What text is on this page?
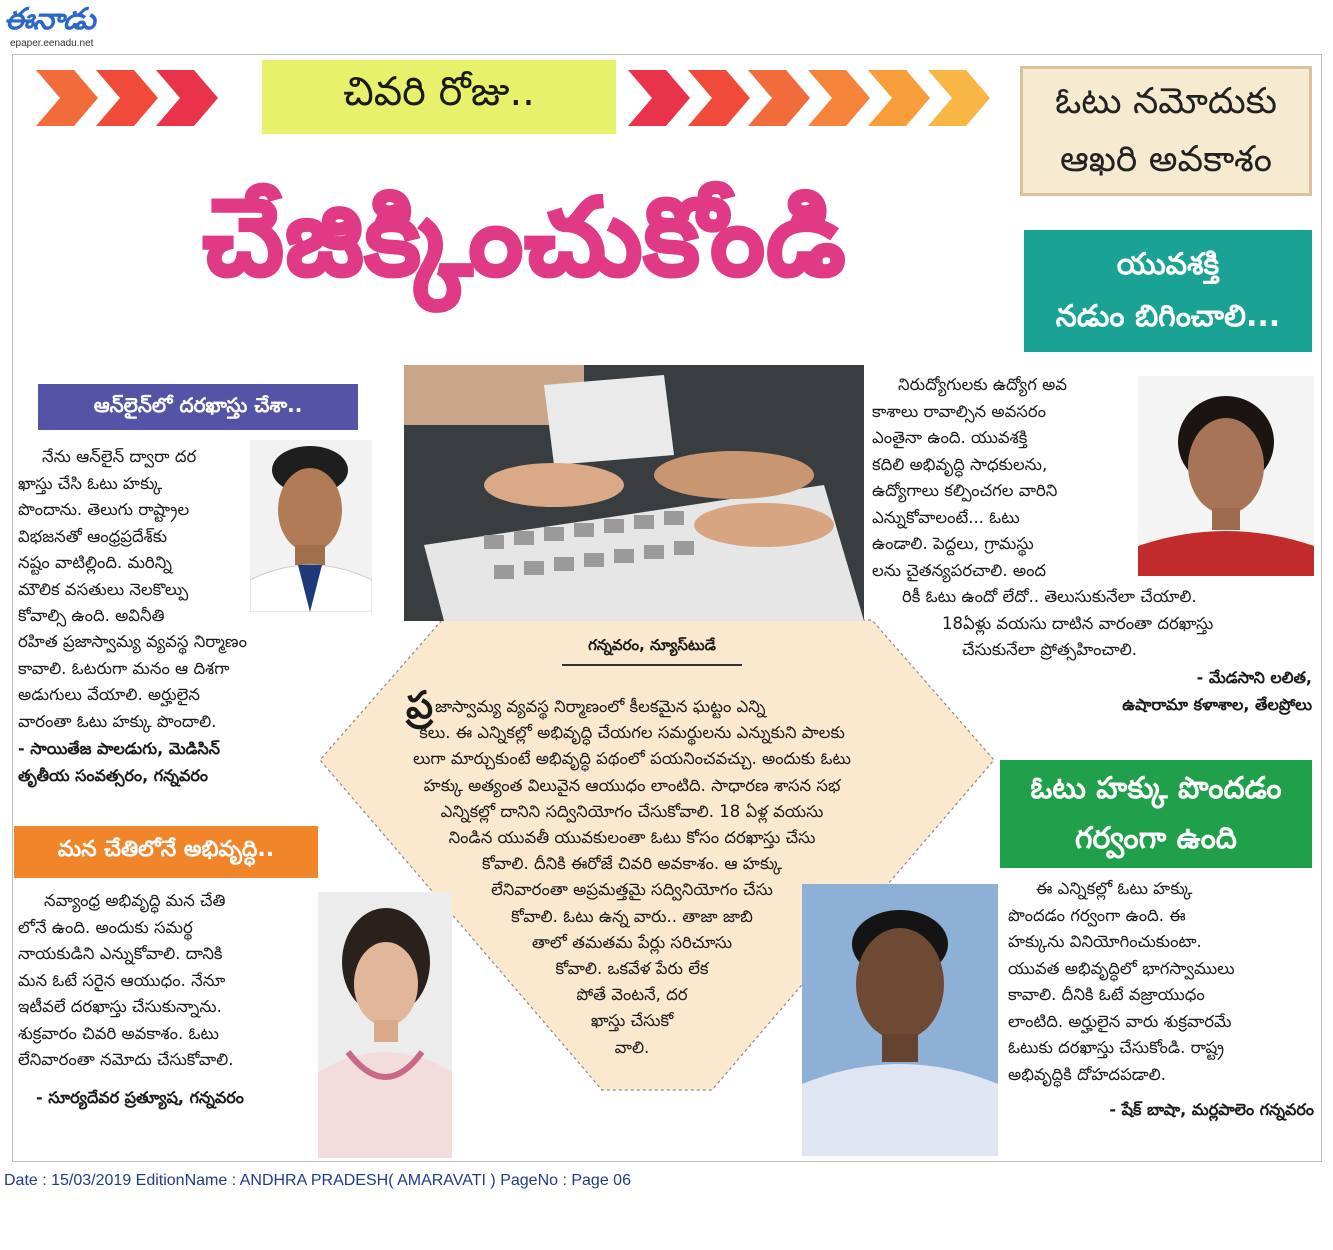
ఈనాడు
epaper.eenadu.net
చివరి రోజు..	ఓటు నమోదుకు
ఆఖరి అవకాశం
చేజిక్కించుకోండి	యువశక్తి
నడుం బిగించాలి...
గన్నవరం, న్యూస్‌టుడే
ప్ర జాస్వామ్య వ్యవస్థ నిర్మాణంలో కీలకమైన ఘట్టం ఎన్ని
కలు. ఈ ఎన్నికల్లో అభివృద్ధి చేయగల సమర్థులను ఎన్నుకుని పాలకు
లుగా మార్చుకుంటే అభివృద్ధి పథంలో పయనించవచ్చు. అందుకు ఓటు
హక్కు అత్యంత విలువైన ఆయుధం లాంటిది. సాధారణ శాసన సభ
ఎన్నికల్లో దానిని సద్వినియోగం చేసుకోవాలి. 18 ఏళ్ల వయసు
నిండిన యువతీ యువకులంతా ఓటు కోసం దరఖాస్తు చేసు
కోవాలి. దీనికి ఈరోజే చివరి అవకాశం. ఆ హక్కు
లేనివారంతా అప్రమత్తమై సద్వినియోగం చేసు
కోవాలి. ఓటు ఉన్న వారు.. తాజా జాబి
తాలో తమతమ పేర్లు సరిచూసు
కోవాలి. ఒకవేళ పేరు లేక
పోతే వెంటనే, దర
ఖాస్తు చేసుకో
వాలి.
ఆన్‌లైన్‌లో దరఖాస్తు చేశా..
నేను ఆన్‌లైన్‌ ద్వారా దర
ఖాస్తు చేసి ఓటు హక్కు
పొందాను. తెలుగు రాష్ట్రాల
విభజనతో ఆంధ్రప్రదేశ్‌కు
నష్టం వాటిల్లింది. మరిన్ని
మౌలిక వసతులు నెలకొల్పు
కోవాల్సి ఉంది. అవినీతి
రహిత ప్రజాస్వామ్య వ్యవస్థ నిర్మాణం
కావాలి. ఓటరుగా మనం ఆ దిశగా
అడుగులు వేయాలి. అర్హులైన
వారంతా ఓటు హక్కు పొందాలి.
- సాయితేజ పాలడుగు, మెడిసిన్‌
తృతీయ సంవత్సరం, గన్నవరం
మన చేతిలోనే అభివృద్ధి..
నవ్యాంధ్ర అభివృద్ధి మన చేతి
లోనే ఉంది. అందుకు సమర్థ
నాయకుడిని ఎన్నుకోవాలి. దానికి
మన ఓటే సరైన ఆయుధం. నేనూ
ఇటీవలే దరఖాస్తు చేసుకున్నాను.
శుక్రవారం చివరి అవకాశం. ఓటు
లేనివారంతా నమోదు చేసుకోవాలి.
- సూర్యదేవర ప్రత్యూష, గన్నవరం
నిరుద్యోగులకు ఉద్యోగ అవ
కాశాలు రావాల్సిన అవసరం
ఎంతైనా ఉంది. యువశక్తి
కదిలి అభివృద్ధి సాధకులను,
ఉద్యోగాలు కల్పించగల వారిని
ఎన్నుకోవాలంటే... ఓటు
ఉండాలి. పెద్దలు, గ్రామస్థు
లను చైతన్యపరచాలి. అంద
రికీ ఓటు ఉందో లేదో.. తెలుసుకునేలా చేయాలి.
18ఏళ్లు వయసు దాటిన వారంతా దరఖాస్తు
చేసుకునేలా ప్రోత్సహించాలి.
- మేడసాని లలిత,
ఉషారామా కళాశాల, తేలప్రోలు
ఓటు హక్కు పొందడం
గర్వంగా ఉంది
ఈ ఎన్నికల్లో ఓటు హక్కు
పొందడం గర్వంగా ఉంది. ఈ
హక్కును వినియోగించుకుంటా.
యువత అభివృద్ధిలో భాగస్వాములు
కావాలి. దీనికి ఓటే వజ్రాయుధం
లాంటిది. అర్హులైన వారు శుక్రవారమే
ఓటుకు దరఖాస్తు చేసుకోండి. రాష్ట్ర
అభివృద్ధికి దోహదపడాలి.
- షేక్‌ బాషా, మర్లపాలెం గన్నవరం
Date : 15/03/2019 EditionName : ANDHRA PRADESH( AMARAVATI ) PageNo : Page 06
